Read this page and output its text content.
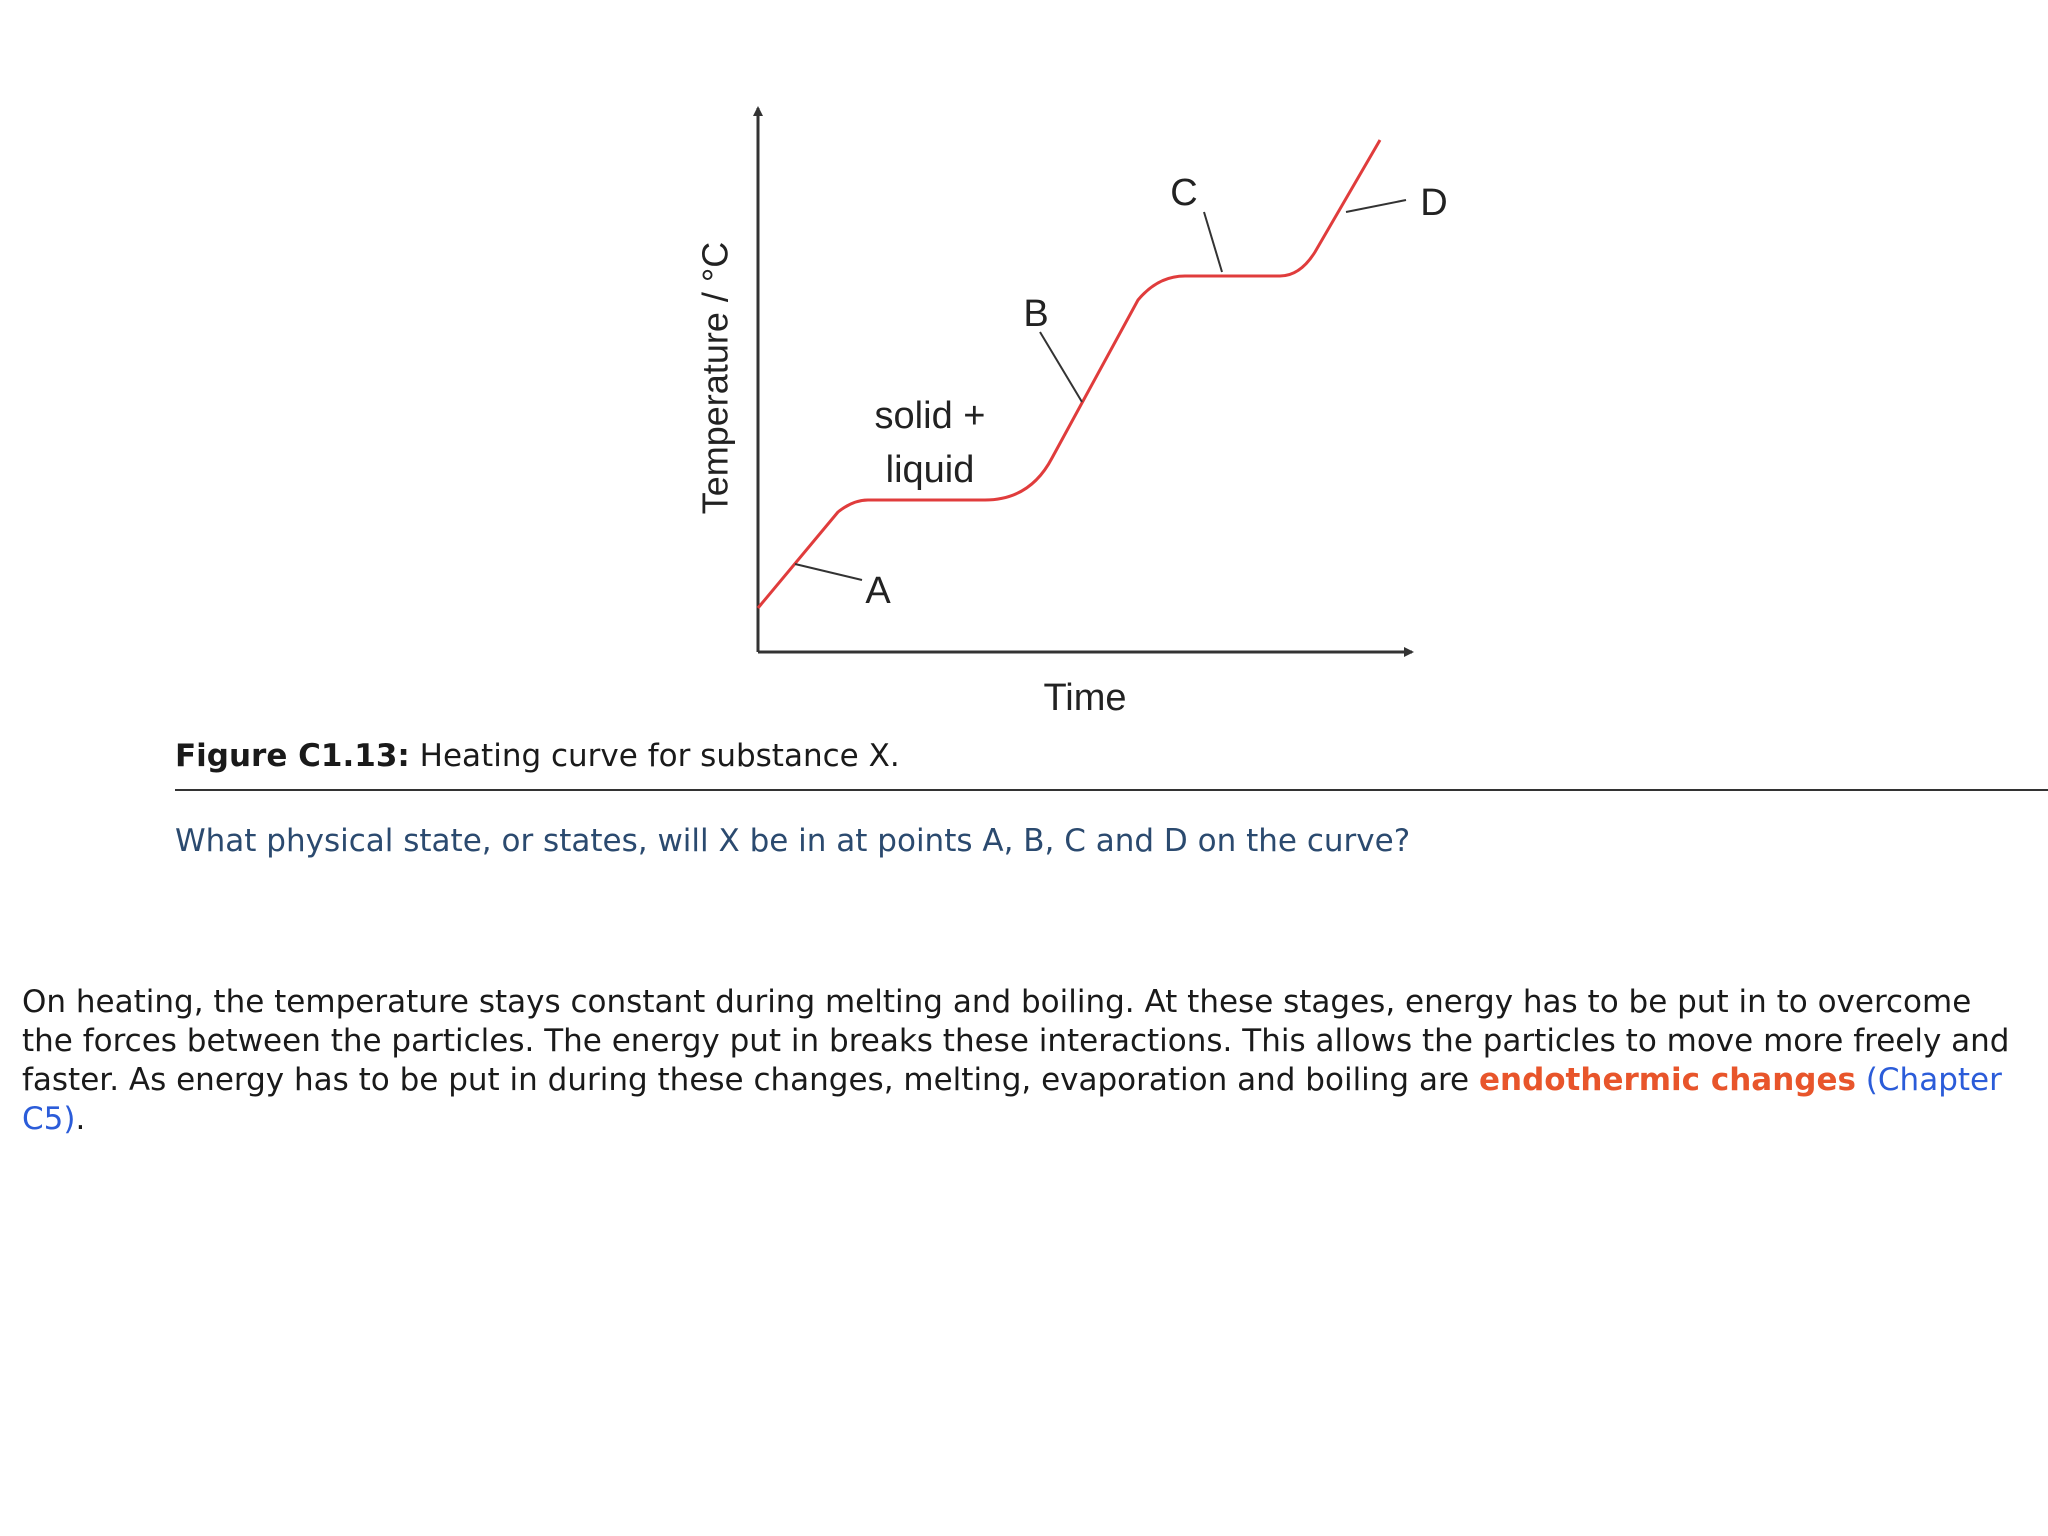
Temperature / °C
Time
solid +
liquid
A
B
C	D

Figure C1.13: Heating curve for substance X.

What physical state, or states, will X be in at points A, B, C and D on the curve?

On heating, the temperature stays constant during melting and boiling. At these stages, energy has to be put in to overcome the forces between the particles. The energy put in breaks these interactions. This allows the particles to move more freely and faster. As energy has to be put in during these changes, melting, evaporation and boiling are endothermic changes (Chapter C5).
